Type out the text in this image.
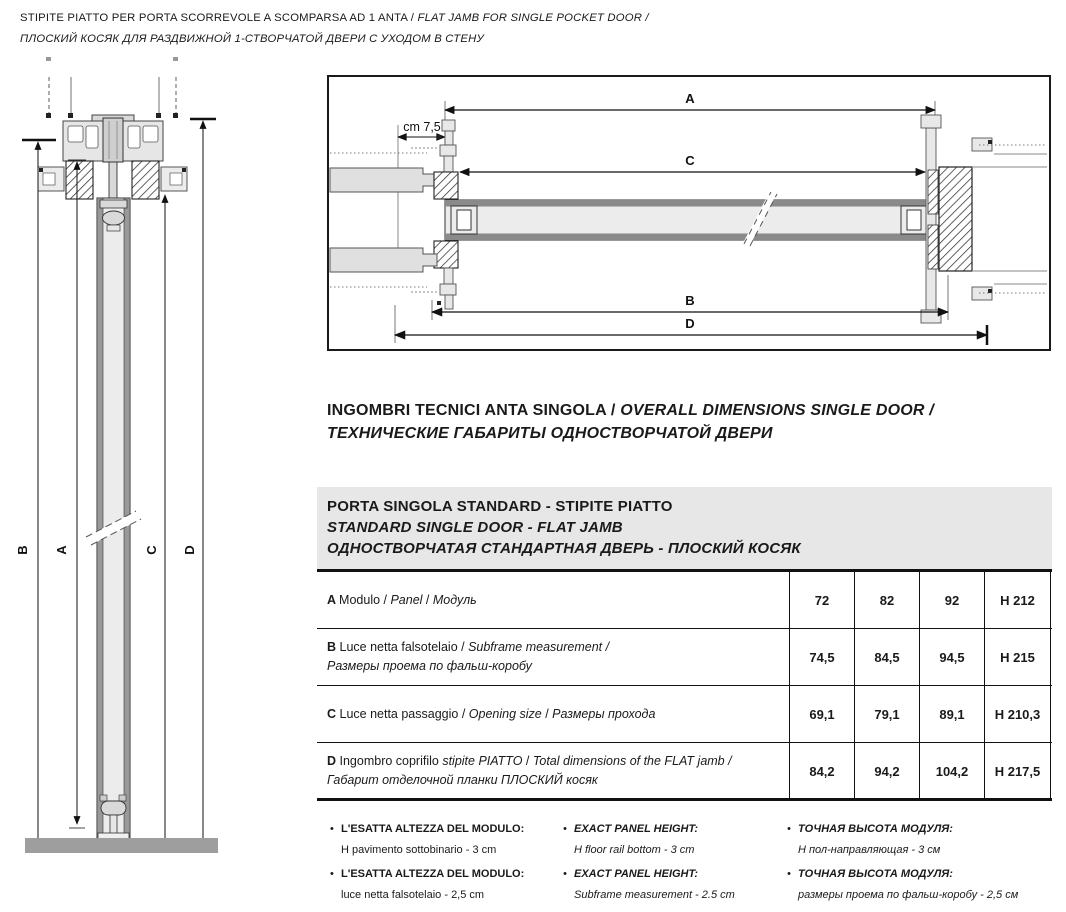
STIPITE PIATTO PER PORTA SCORREVOLE A SCOMPARSA AD 1 ANTA / FLAT JAMB FOR SINGLE POCKET DOOR /
ПЛОСКИЙ КОСЯК ДЛЯ РАЗДВИЖНОЙ 1-СТВОРЧАТОЙ ДВЕРИ С УХОДОМ В СТЕНУ
B A	C D
A
cm 7,5
C
B
D
INGOMBRI TECNICI ANTA SINGOLA / OVERALL DIMENSIONS SINGLE DOOR /
ТЕХНИЧЕСКИЕ ГАБАРИТЫ ОДНОСТВОРЧАТОЙ ДВЕРИ
PORTA SINGOLA STANDARD - STIPITE PIATTO
STANDARD SINGLE DOOR - FLAT JAMB
ОДНОСТВОРЧАТАЯ СТАНДАРТНАЯ ДВЕРЬ - ПЛОСКИЙ КОСЯК
A Modulo / Panel / Модуль	72	82	92	H 212
B Luce netta falsotelaio / Subframe measurement /
Размеры проема по фальш-коробу
74,5	84,5	94,5	H 215
C Luce netta passaggio / Opening size / Размеры прохода	69,1	79,1	89,1	H 210,3
D Ingombro coprifilo stipite PIATTO / Total dimensions of the FLAT jamb /
Габарит отделочной планки ПЛОСКИЙ косяк
84,2	94,2	104,2	H 217,5
• L'ESATTA ALTEZZA DEL MODULO:
H pavimento sottobinario - 3 cm
• L'ESATTA ALTEZZA DEL MODULO:
luce netta falsotelaio - 2,5 cm
• EXACT PANEL HEIGHT:
H floor rail bottom - 3 cm
• EXACT PANEL HEIGHT:
Subframe measurement - 2.5 cm
• ТОЧНАЯ ВЫСОТА МОДУЛЯ:
Н пол-направляющая - 3 см
• ТОЧНАЯ ВЫСОТА МОДУЛЯ:
размеры проема по фальш-коробу - 2,5 см
